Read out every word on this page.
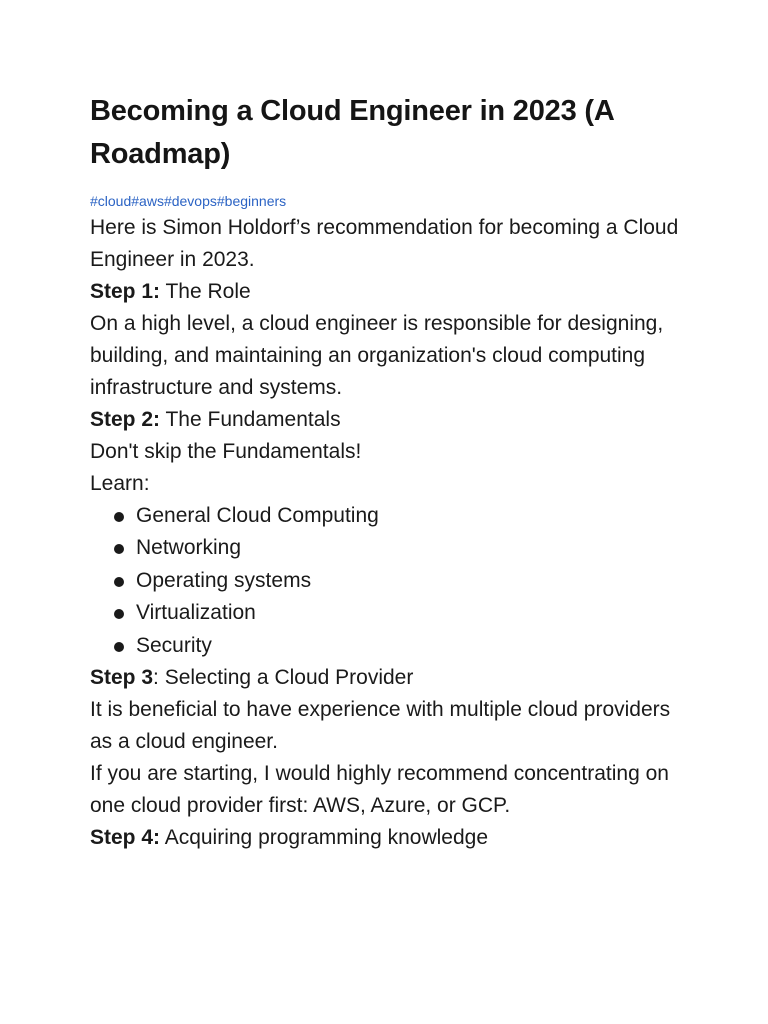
Becoming a Cloud Engineer in 2023 (A Roadmap)
#cloud#aws#devops#beginners

Here is Simon Holdorf’s recommendation for becoming a Cloud Engineer in 2023.

Step 1: The Role

On a high level, a cloud engineer is responsible for designing, building, and maintaining an organization's cloud computing infrastructure and systems.

Step 2: The Fundamentals

Don't skip the Fundamentals!

Learn:

General Cloud Computing
Networking
Operating systems
Virtualization
Security

Step 3: Selecting a Cloud Provider

It is beneficial to have experience with multiple cloud providers as a cloud engineer.

If you are starting, I would highly recommend concentrating on one cloud provider first: AWS, Azure, or GCP.

Step 4: Acquiring programming knowledge
